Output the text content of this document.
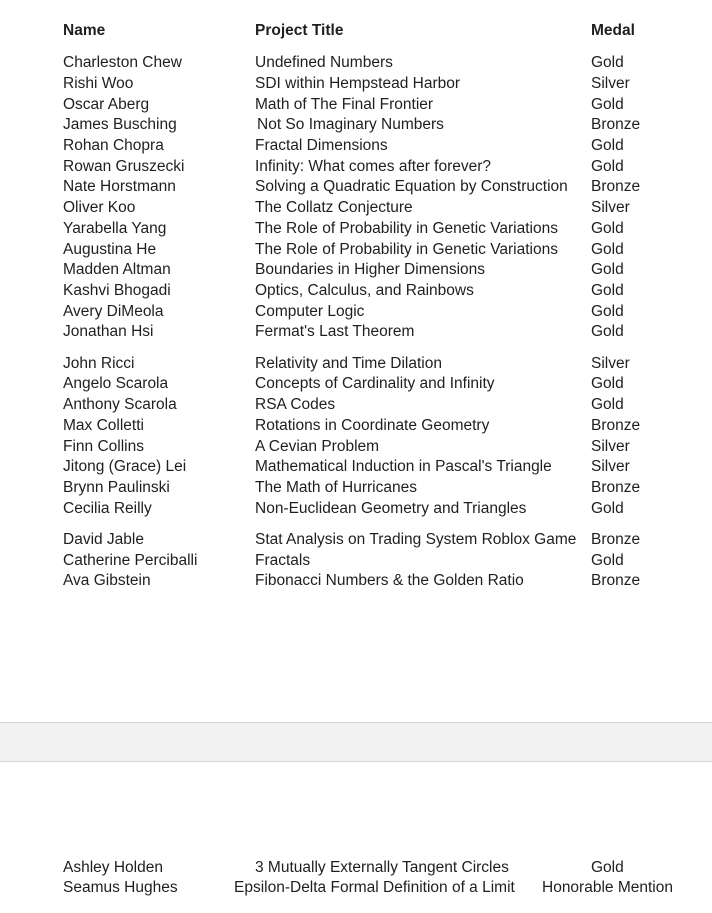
Name	Project Title	Medal
Charleston Chew	Undefined Numbers	Gold
Rishi Woo	SDI within Hempstead Harbor	Silver
Oscar Aberg	Math of The Final Frontier	Gold
James Busching	Not So Imaginary Numbers	Bronze
Rohan Chopra	Fractal Dimensions	Gold
Rowan Gruszecki	Infinity: What comes after forever?	Gold
Nate Horstmann	Solving a Quadratic Equation by Construction Bronze
Oliver Koo	The Collatz Conjecture	Silver
Yarabella Yang	The Role of Probability in Genetic Variations Gold
Augustina He	The Role of Probability in Genetic Variations Gold
Madden Altman	Boundaries in Higher Dimensions	Gold
Kashvi Bhogadi	Optics, Calculus, and Rainbows	Gold
Avery DiMeola	Computer Logic	Gold
Jonathan Hsi	Fermat's Last Theorem	Gold
John Ricci	Relativity and Time Dilation	Silver
Angelo Scarola	Concepts of Cardinality and Infinity	Gold
Anthony Scarola	RSA Codes	Gold
Max Colletti	Rotations in Coordinate Geometry	Bronze
Finn Collins	A Cevian Problem	Silver
Jitong (Grace) Lei	Mathematical Induction in Pascal's Triangle	Silver
Brynn Paulinski	The Math of Hurricanes	Bronze
Cecilia Reilly	Non-Euclidean Geometry and Triangles	Gold
David Jable	Stat Analysis on Trading System Roblox Game Bronze
Catherine Perciballi	Fractals	Gold
Ava Gibstein	Fibonacci Numbers & the Golden Ratio	Bronze
Ashley Holden	3 Mutually Externally Tangent Circles	Gold
Seamus Hughes	Epsilon-Delta Formal Definition of a Limit Honorable Mention
